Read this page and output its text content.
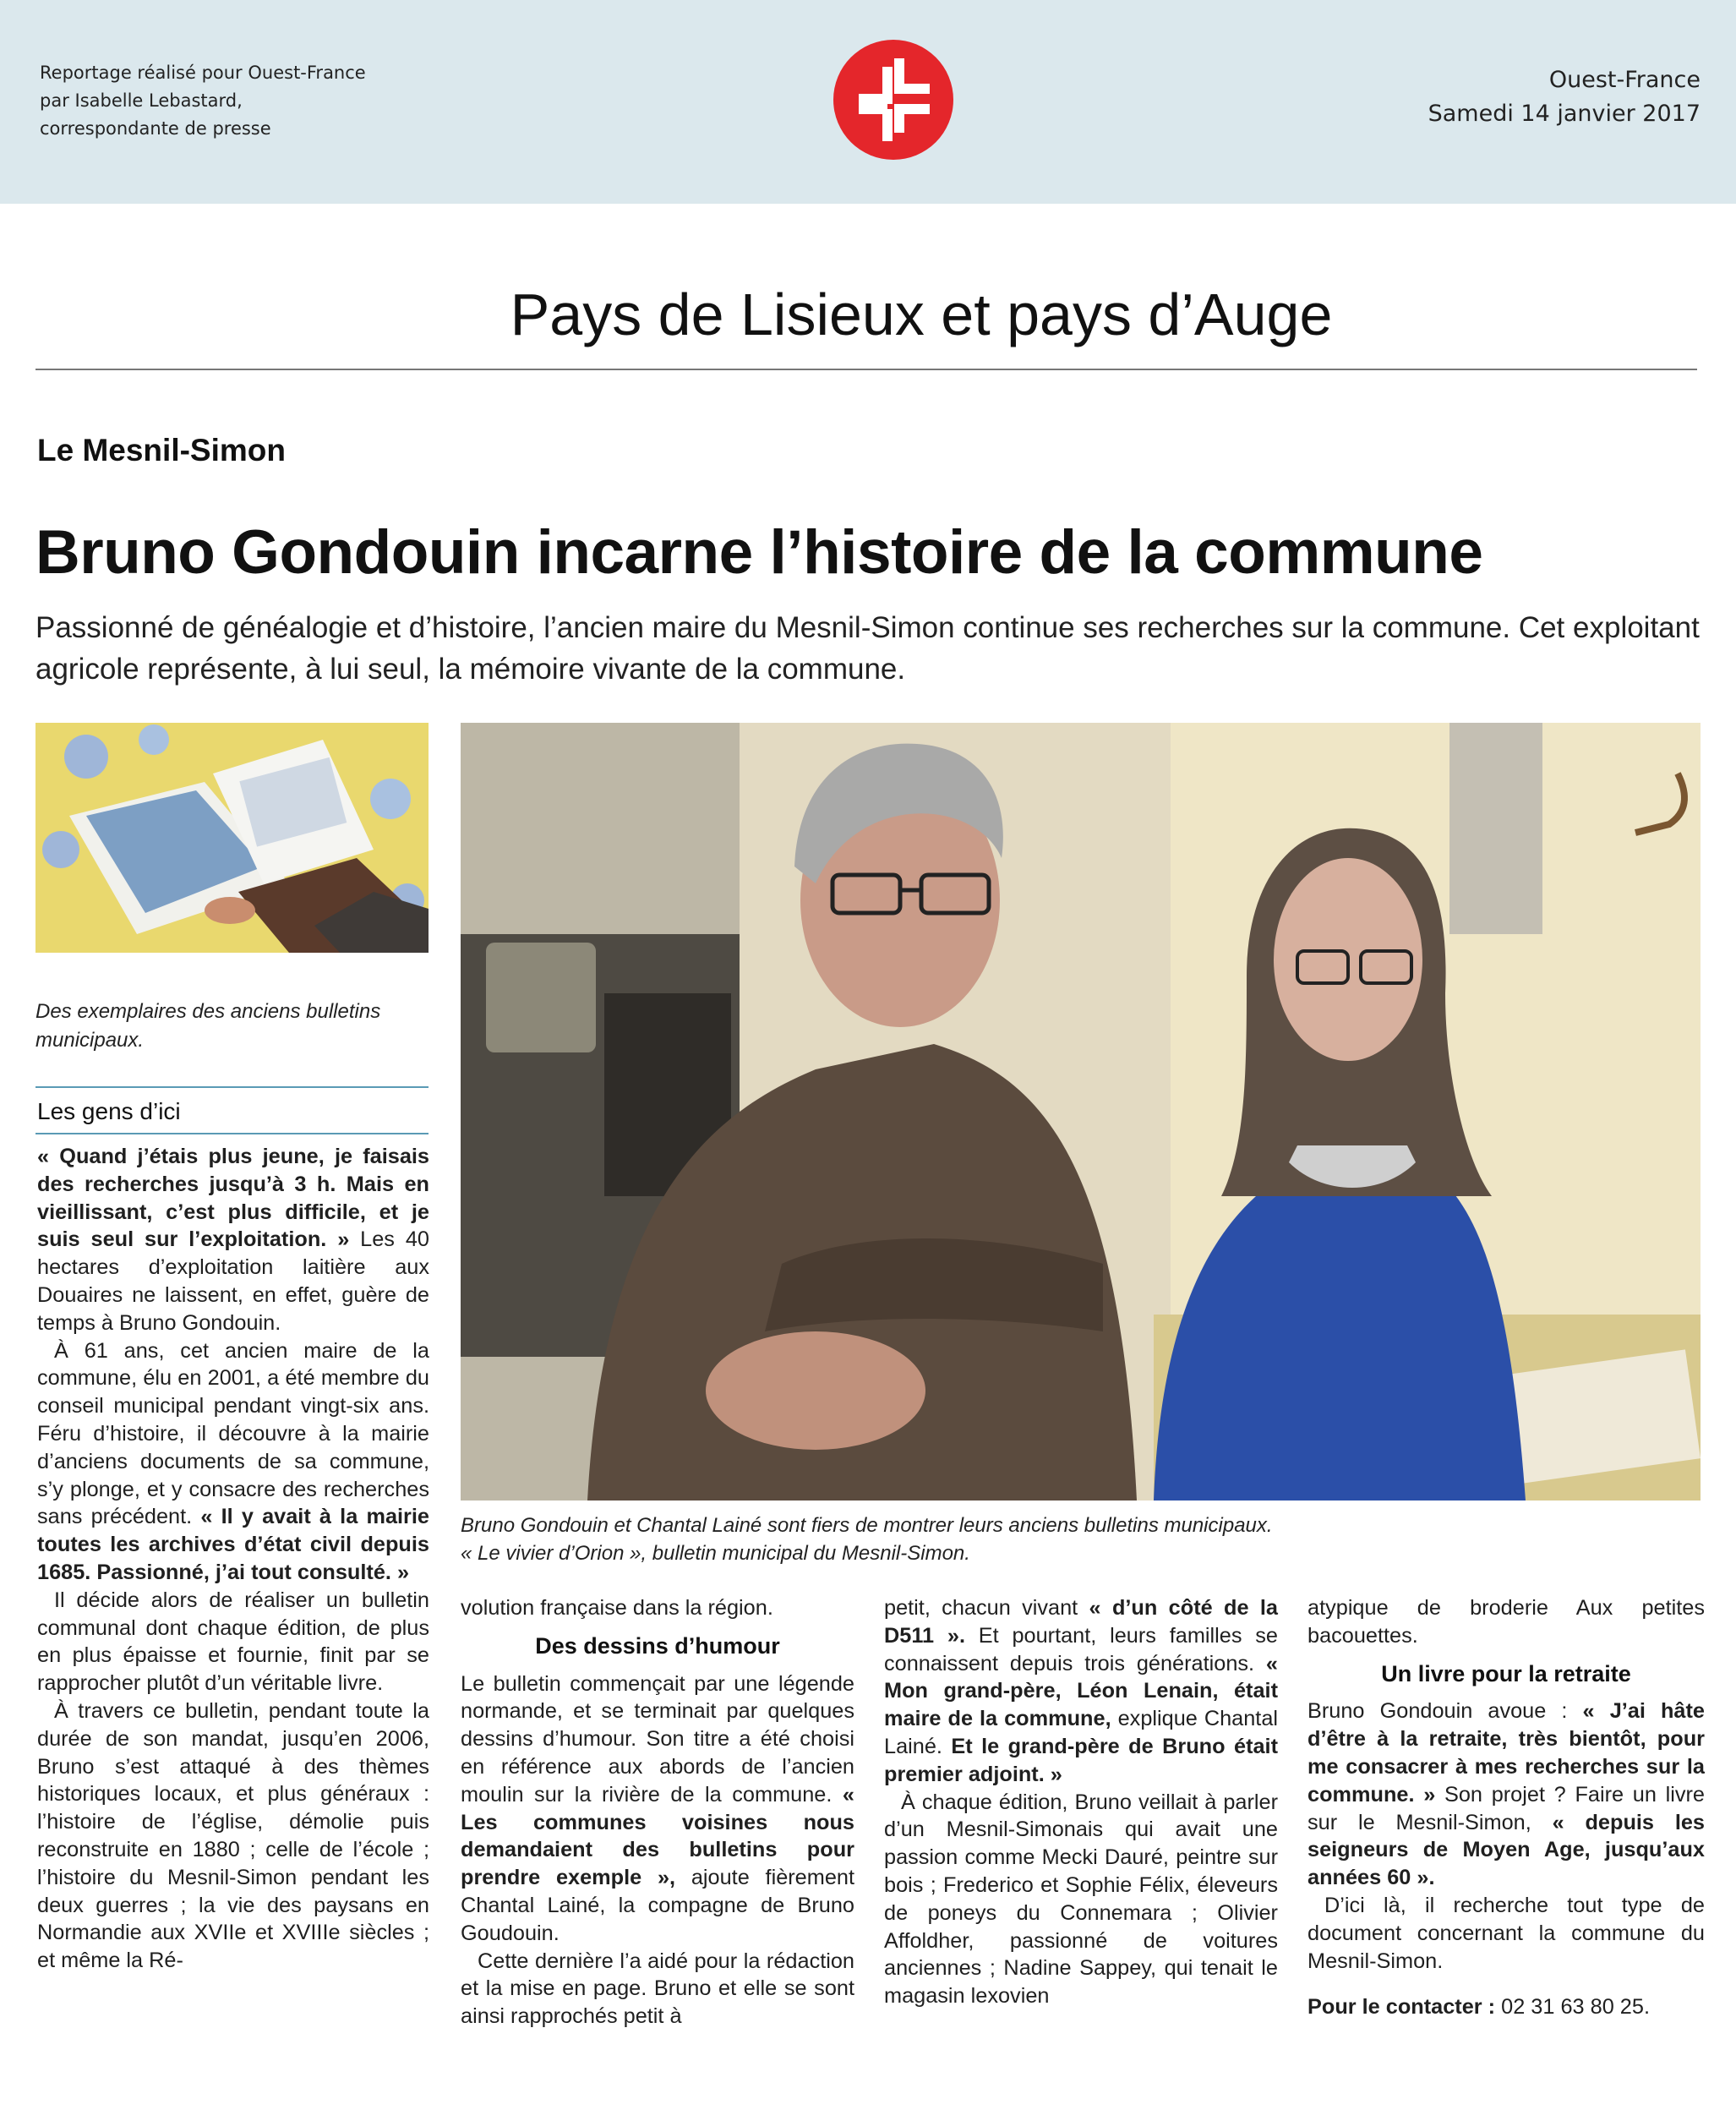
Reportage réalisé pour Ouest-France
par Isabelle Lebastard,
correspondante de presse
Ouest-France
Samedi 14 janvier 2017
Pays de Lisieux et pays d’Auge
Le Mesnil-Simon
Bruno Gondouin incarne l’histoire de la commune
Passionné de généalogie et d’histoire, l’ancien maire du Mesnil-Simon continue ses recherches sur la commune. Cet exploitant agricole représente, à lui seul, la mémoire vivante de la commune.
Des exemplaires des anciens bulletins municipaux.
Les gens d’ici
Bruno Gondouin et Chantal Lainé sont fiers de montrer leurs anciens bulletins municipaux.
« Le vivier d’Orion », bulletin municipal du Mesnil-Simon.

« Quand j’étais plus jeune, je faisais des recherches jusqu’à 3 h. Mais en vieillissant, c’est plus difficile, et je suis seul sur l’exploitation. » Les 40 hectares d’exploitation laitière aux Douaires ne laissent, en effet, guère de temps à Bruno Gondouin.

À 61 ans, cet ancien maire de la commune, élu en 2001, a été membre du conseil municipal pendant vingt-six ans. Féru d’histoire, il découvre à la mairie d’anciens documents de sa commune, s’y plonge, et y consacre des recherches sans précédent. « Il y avait à la mairie toutes les archives d’état civil depuis 1685. Passionné, j’ai tout consulté. »

Il décide alors de réaliser un bulletin communal dont chaque édition, de plus en plus épaisse et fournie, finit par se rapprocher plutôt d’un véritable livre.

À travers ce bulletin, pendant toute la durée de son mandat, jusqu’en 2006, Bruno s’est attaqué à des thèmes historiques locaux, et plus généraux : l’histoire de l’église, démolie puis reconstruite en 1880 ; celle de l’école ; l’histoire du Mesnil-Simon pendant les deux guerres ; la vie des paysans en Normandie aux XVIIe et XVIIIe siècles ; et même la Ré-

volution française dans la région.

Des dessins d’humour

Le bulletin commençait par une légende normande, et se terminait par quelques dessins d’humour. Son titre a été choisi en référence aux abords de l’ancien moulin sur la rivière de la commune. « Les communes voisines nous demandaient des bulletins pour prendre exemple », ajoute fièrement Chantal Lainé, la compagne de Bruno Goudouin.

Cette dernière l’a aidé pour la rédaction et la mise en page. Bruno et elle se sont ainsi rapprochés petit à

petit, chacun vivant « d’un côté de la D511 ». Et pourtant, leurs familles se connaissent depuis trois générations. « Mon grand-père, Léon Lenain, était maire de la commune, explique Chantal Lainé. Et le grand-père de Bruno était premier adjoint. »

À chaque édition, Bruno veillait à parler d’un Mesnil-Simonais qui avait une passion comme Mecki Dauré, peintre sur bois ; Frederico et Sophie Félix, éleveurs de poneys du Connemara ; Olivier Affoldher, passionné de voitures anciennes ; Nadine Sappey, qui tenait le magasin lexovien

atypique de broderie Aux petites bacouettes.

Un livre pour la retraite

Bruno Gondouin avoue : « J’ai hâte d’être à la retraite, très bientôt, pour me consacrer à mes recherches sur la commune. » Son projet ? Faire un livre sur le Mesnil-Simon, « depuis les seigneurs de Moyen Age, jusqu’aux années 60 ».

D’ici là, il recherche tout type de document concernant la commune du Mesnil-Simon.

Pour le contacter : 02 31 63 80 25.
